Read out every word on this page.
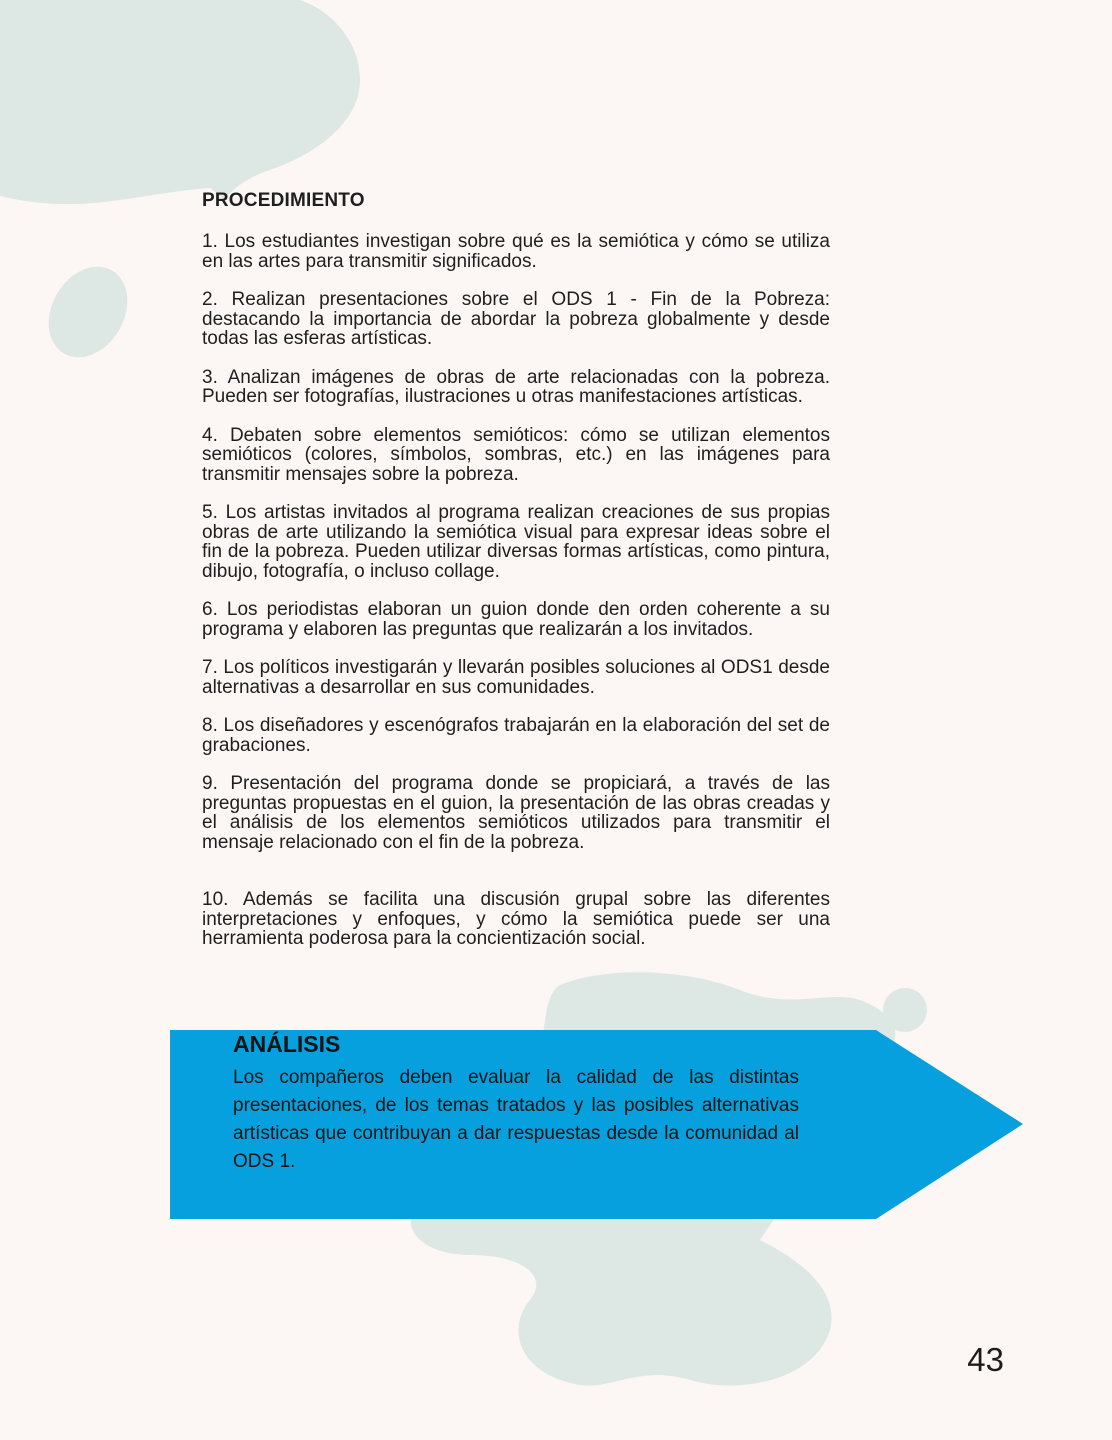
PROCEDIMIENTO

1. Los estudiantes investigan sobre qué es la semiótica y cómo se utiliza en las artes para transmitir significados.

2. Realizan presentaciones sobre el ODS 1 - Fin de la Pobreza: destacando la importancia de abordar la pobreza globalmente y desde todas las esferas artísticas.

3. Analizan imágenes de obras de arte relacionadas con la pobreza. Pueden ser fotografías, ilustraciones u otras manifestaciones artísticas.

4. Debaten sobre elementos semióticos: cómo se utilizan elementos semióticos (colores, símbolos, sombras, etc.) en las imágenes para transmitir mensajes sobre la pobreza.

5. Los artistas invitados al programa realizan creaciones de sus propias obras de arte utilizando la semiótica visual para expresar ideas sobre el fin de la pobreza. Pueden utilizar diversas formas artísticas, como pintura, dibujo, fotografía, o incluso collage.

6. Los periodistas elaboran un guion donde den orden coherente a su programa y elaboren las preguntas que realizarán a los invitados.

7. Los políticos investigarán y llevarán posibles soluciones al ODS1 desde alternativas a desarrollar en sus comunidades.

8. Los diseñadores y escenógrafos trabajarán en la elaboración del set de grabaciones.

9. Presentación del programa donde se propiciará, a través de las preguntas propuestas en el guion, la presentación de las obras creadas y el análisis de los elementos semióticos utilizados para transmitir el mensaje relacionado con el fin de la pobreza.

10. Además se facilita una discusión grupal sobre las diferentes interpretaciones y enfoques, y cómo la semiótica puede ser una herramienta poderosa para la concientización social.

ANÁLISIS
Los compañeros deben evaluar la calidad de las distintas presentaciones, de los temas tratados y las posibles alternativas artísticas que contribuyan a dar respuestas desde la comunidad al ODS 1.
43
